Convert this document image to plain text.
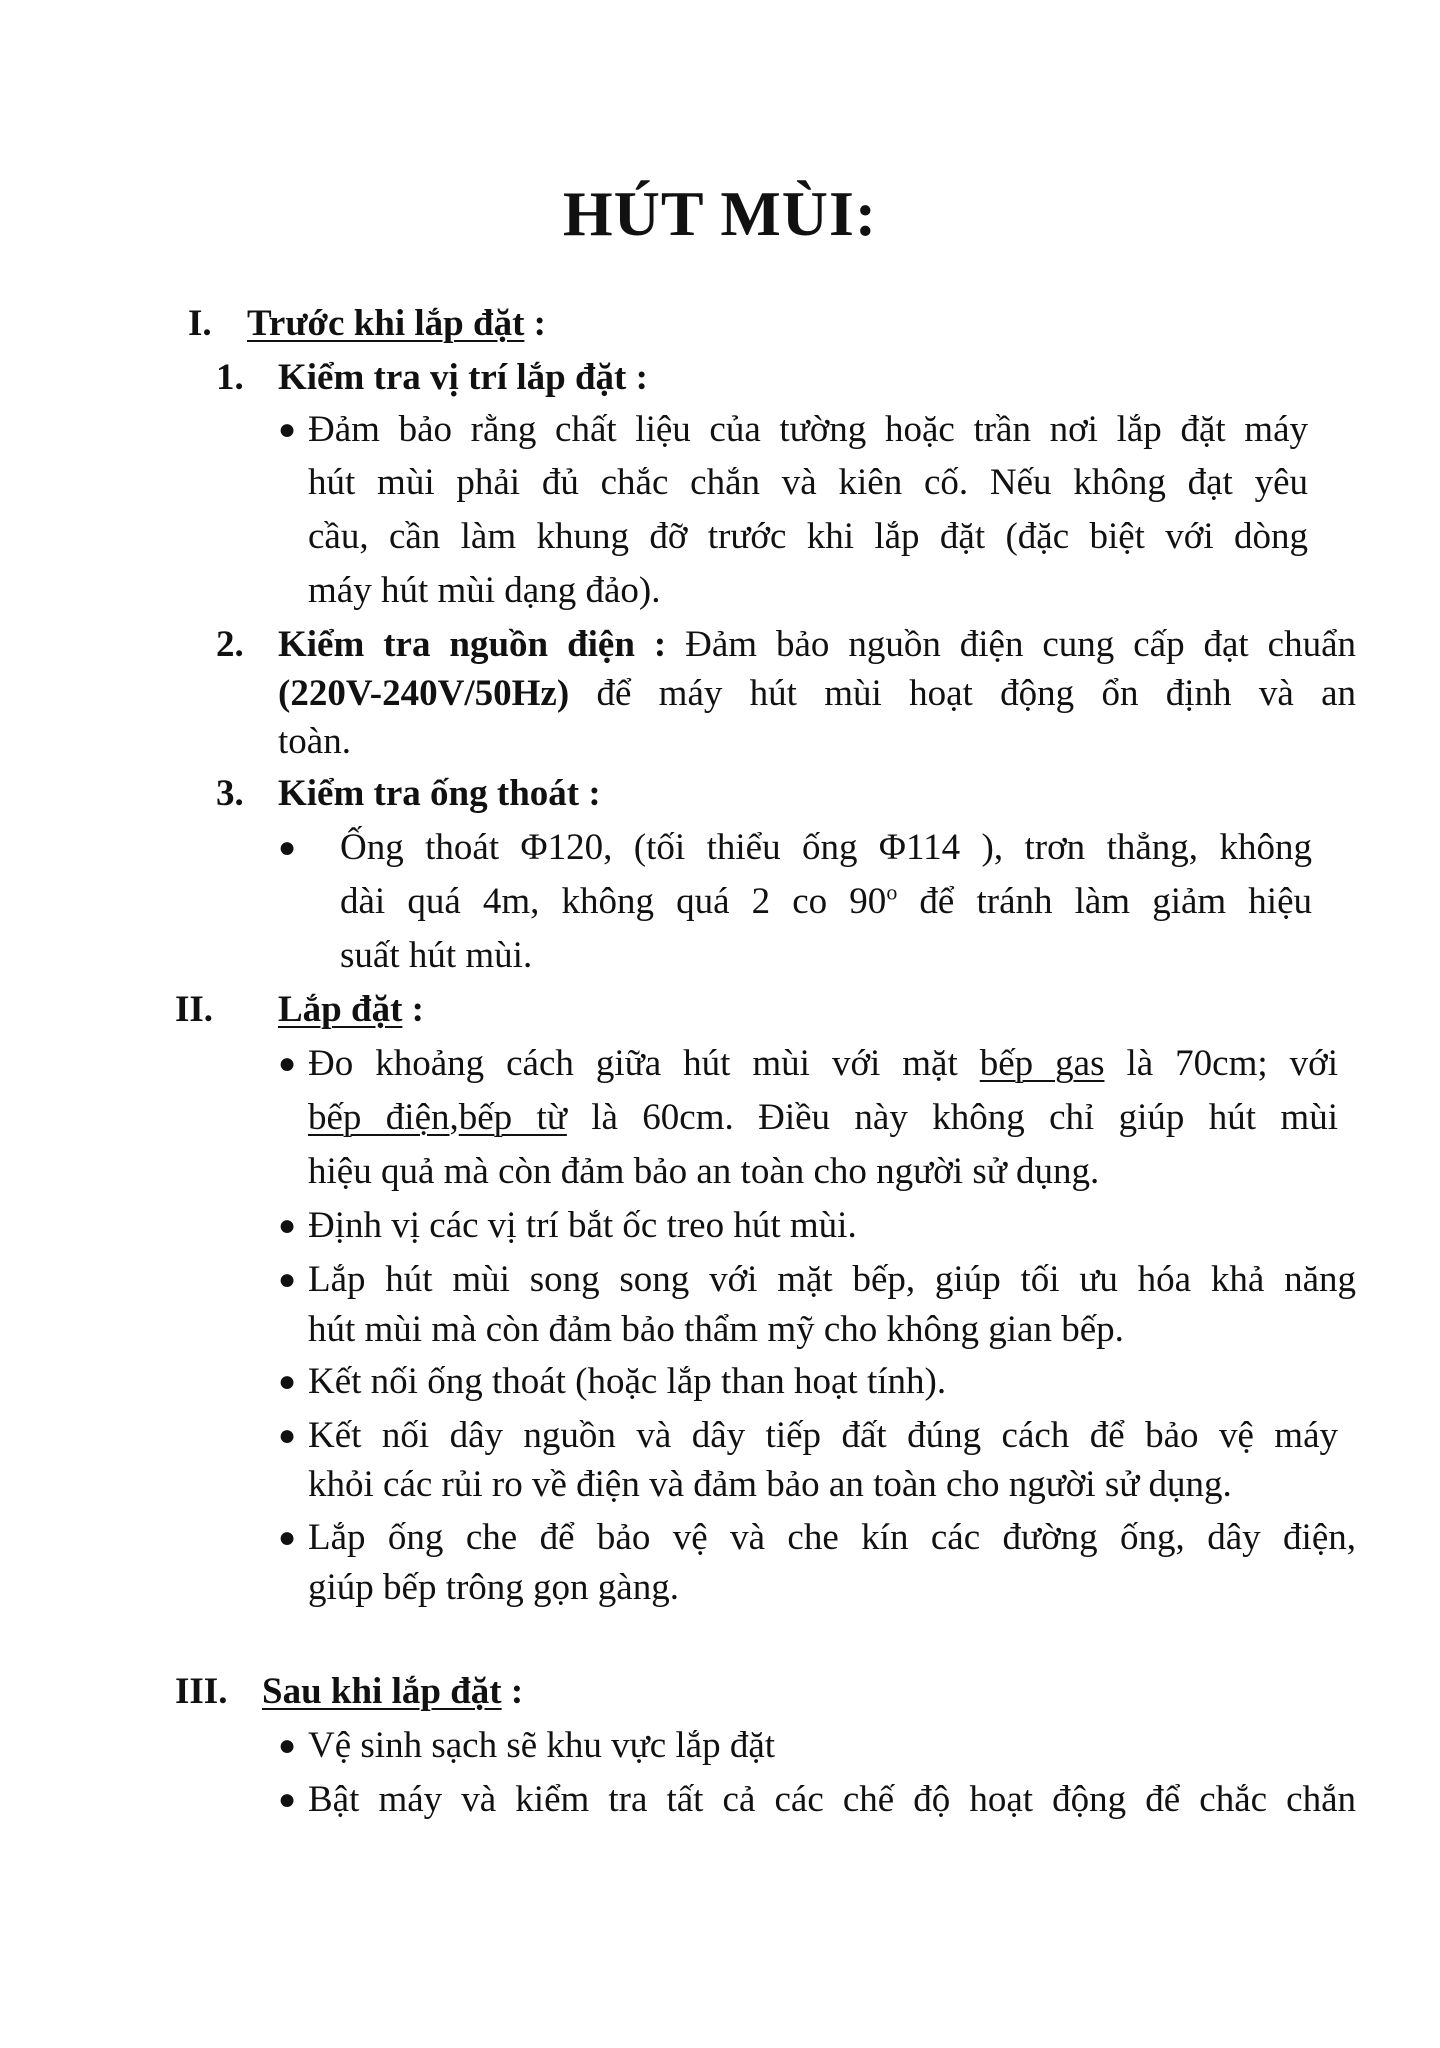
HÚT MÙI:
I. Trước khi lắp đặt :
1. Kiểm tra vị trí lắp đặt :
● Đảm bảo rằng chất liệu của tường hoặc trần nơi lắp đặt máy
hút mùi phải đủ chắc chắn và kiên cố. Nếu không đạt yêu
cầu, cần làm khung đỡ trước khi lắp đặt (đặc biệt với dòng
máy hút mùi dạng đảo).
2. Kiểm tra nguồn điện : Đảm bảo nguồn điện cung cấp đạt chuẩn
(220V-240V/50Hz) để máy hút mùi hoạt động ổn định và an
toàn.
3. Kiểm tra ống thoát :
● Ống thoát Φ120, (tối thiểu ống Φ114 ), trơn thẳng, không
dài quá 4m, không quá 2 co 90$^o$ để tránh làm giảm hiệu
suất hút mùi.
II. Lắp đặt :
● Đo khoảng cách giữa hút mùi với mặt bếp gas là 70cm; với
bếp điện,bếp từ là 60cm. Điều này không chỉ giúp hút mùi
hiệu quả mà còn đảm bảo an toàn cho người sử dụng.
● Định vị các vị trí bắt ốc treo hút mùi.
● Lắp hút mùi song song với mặt bếp, giúp tối ưu hóa khả năng
hút mùi mà còn đảm bảo thẩm mỹ cho không gian bếp.
● Kết nối ống thoát (hoặc lắp than hoạt tính).
● Kết nối dây nguồn và dây tiếp đất đúng cách để bảo vệ máy
khỏi các rủi ro về điện và đảm bảo an toàn cho người sử dụng.
● Lắp ống che để bảo vệ và che kín các đường ống, dây điện,
giúp bếp trông gọn gàng.
III. Sau khi lắp đặt :
● Vệ sinh sạch sẽ khu vực lắp đặt
● Bật máy và kiểm tra tất cả các chế độ hoạt động để chắc chắn
